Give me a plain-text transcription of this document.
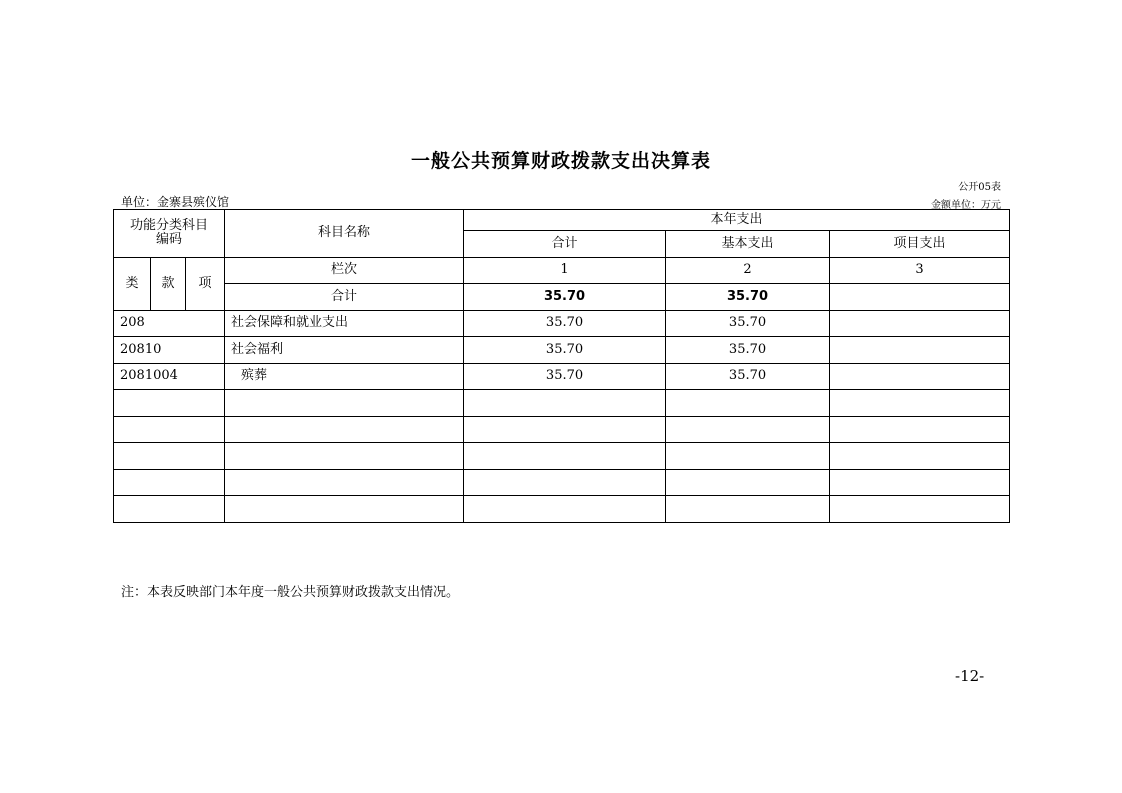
一般公共预算财政拨款支出决算表
公开05表
单位：金寨县殡仪馆	金额单位：万元
功能分类科目
编码			科目名称	本年支出		
				合计	基本支出	项目支出
类	款	项	栏次	1	2	3
			合计	35.70	35.70	
208			社会保障和就业支出	35.70	35.70	
20810			社会福利	35.70	35.70	
2081004			殡葬	35.70	35.70	

注：本表反映部门本年度一般公共预算财政拨款支出情况。
-12-
